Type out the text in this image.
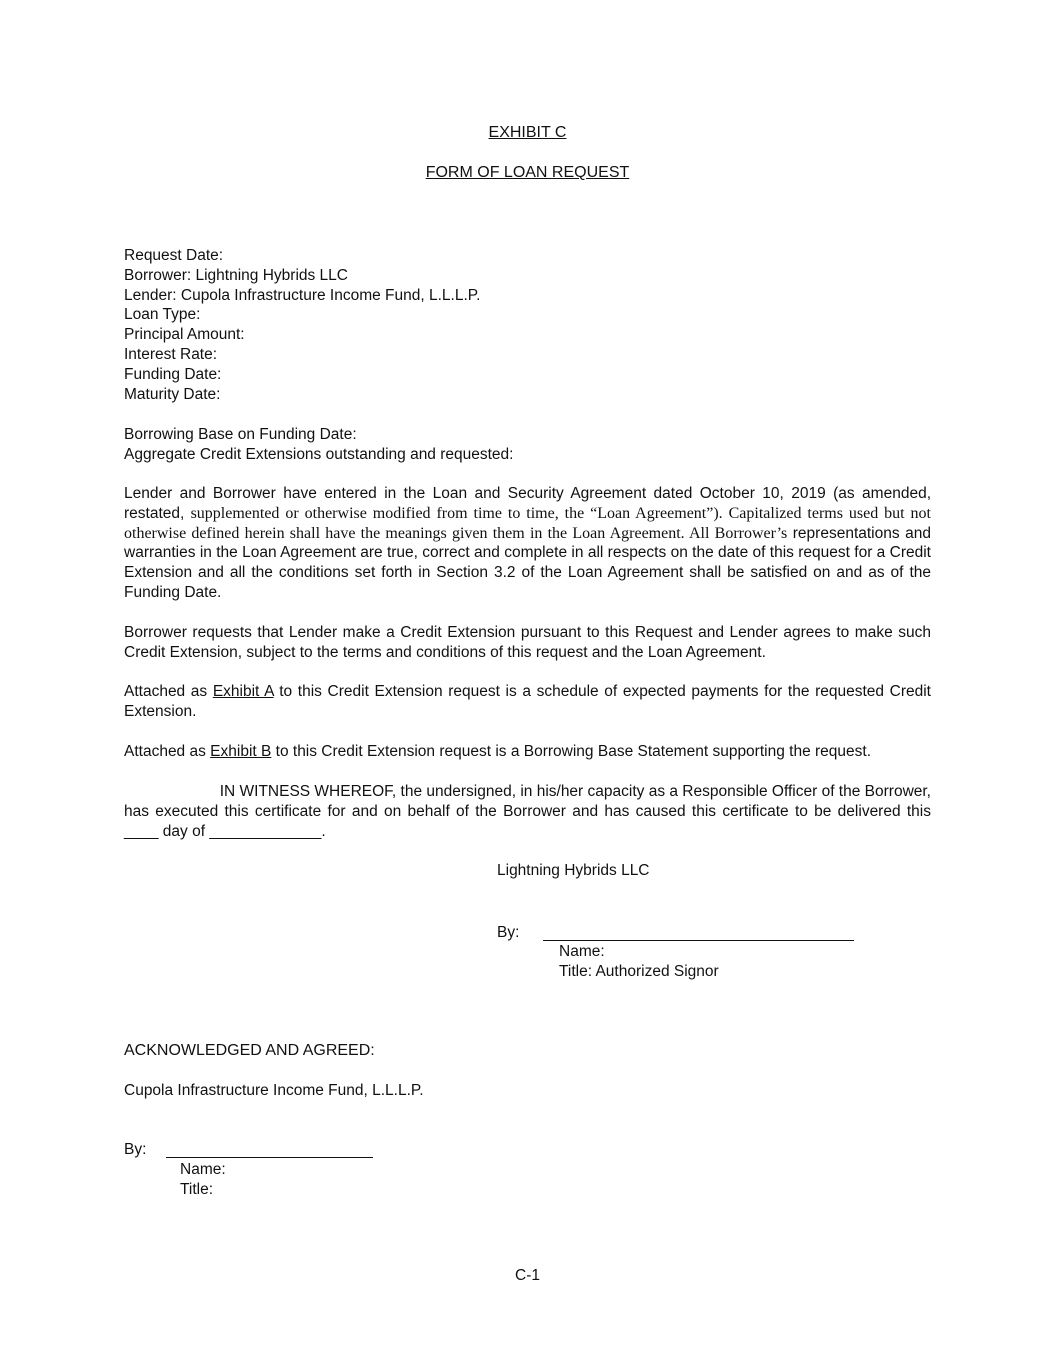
EXHIBIT C
FORM OF LOAN REQUEST
Request Date:
Borrower: Lightning Hybrids LLC
Lender: Cupola Infrastructure Income Fund, L.L.L.P.
Loan Type:
Principal Amount:
Interest Rate:
Funding Date:
Maturity Date:
Borrowing Base on Funding Date:
Aggregate Credit Extensions outstanding and requested:
Lender and Borrower have entered in the Loan and Security Agreement dated October 10, 2019 (as amended, restated, supplemented or otherwise modified from time to time, the “Loan Agreement”). Capitalized terms used but not otherwise defined herein shall have the meanings given them in the Loan Agreement. All Borrower’s representations and warranties in the Loan Agreement are true, correct and complete in all respects on the date of this request for a Credit Extension and all the conditions set forth in Section 3.2 of the Loan Agreement shall be satisfied on and as of the Funding Date.
Borrower requests that Lender make a Credit Extension pursuant to this Request and Lender agrees to make such Credit Extension, subject to the terms and conditions of this request and the Loan Agreement.
Attached as Exhibit A to this Credit Extension request is a schedule of expected payments for the requested Credit Extension.
Attached as Exhibit B to this Credit Extension request is a Borrowing Base Statement supporting the request.
IN WITNESS WHEREOF, the undersigned, in his/her capacity as a Responsible Officer of the Borrower,
has executed this certificate for and on behalf of the Borrower and has caused this certificate to be delivered this
____ day of _____________.
Lightning Hybrids LLC
By:
Name:
Title: Authorized Signor
ACKNOWLEDGED AND AGREED:
Cupola Infrastructure Income Fund, L.L.L.P.
By:
Name:
Title:
C-1
